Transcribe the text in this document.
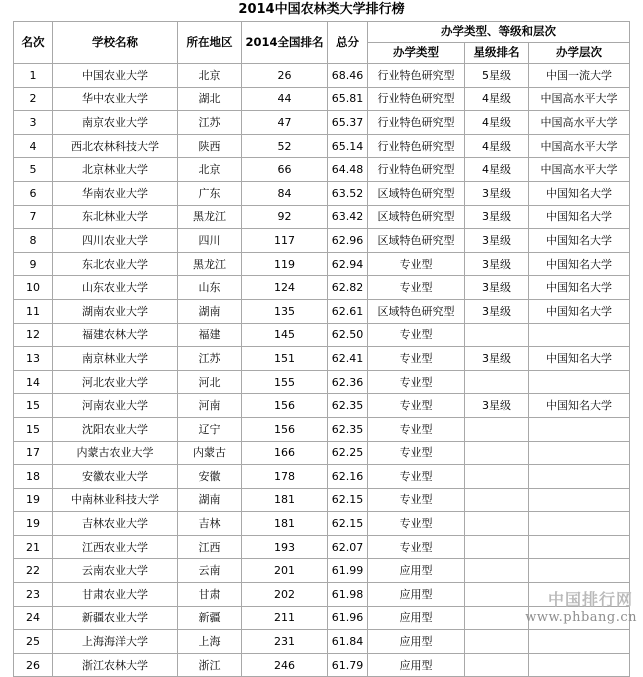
2014中国农林类大学排行榜
名次	学校名称	所在地区	2014全国排名	总分	办学类型、等级和层次		
					办学类型	星级排名	办学层次
1	中国农业大学	北京	26	68.46	行业特色研究型	5星级	中国一流大学
2	华中农业大学	湖北	44	65.81	行业特色研究型	4星级	中国高水平大学
3	南京农业大学	江苏	47	65.37	行业特色研究型	4星级	中国高水平大学
4	西北农林科技大学	陕西	52	65.14	行业特色研究型	4星级	中国高水平大学
5	北京林业大学	北京	66	64.48	行业特色研究型	4星级	中国高水平大学
6	华南农业大学	广东	84	63.52	区域特色研究型	3星级	中国知名大学
7	东北林业大学	黑龙江	92	63.42	区域特色研究型	3星级	中国知名大学
8	四川农业大学	四川	117	62.96	区域特色研究型	3星级	中国知名大学
9	东北农业大学	黑龙江	119	62.94	专业型	3星级	中国知名大学
10	山东农业大学	山东	124	62.82	专业型	3星级	中国知名大学
11	湖南农业大学	湖南	135	62.61	区域特色研究型	3星级	中国知名大学
12	福建农林大学	福建	145	62.50	专业型		
13	南京林业大学	江苏	151	62.41	专业型	3星级	中国知名大学
14	河北农业大学	河北	155	62.36	专业型		
15	河南农业大学	河南	156	62.35	专业型	3星级	中国知名大学
15	沈阳农业大学	辽宁	156	62.35	专业型		
17	内蒙古农业大学	内蒙古	166	62.25	专业型		
18	安徽农业大学	安徽	178	62.16	专业型		
19	中南林业科技大学	湖南	181	62.15	专业型		
19	吉林农业大学	吉林	181	62.15	专业型		
21	江西农业大学	江西	193	62.07	专业型		
22	云南农业大学	云南	201	61.99	应用型		
23	甘肃农业大学	甘肃	202	61.98	应用型		
24	新疆农业大学	新疆	211	61.96	应用型		
25	上海海洋大学	上海	231	61.84	应用型		
26	浙江农林大学	浙江	246	61.79	应用型		
中国排行网
www.phbang.cn
